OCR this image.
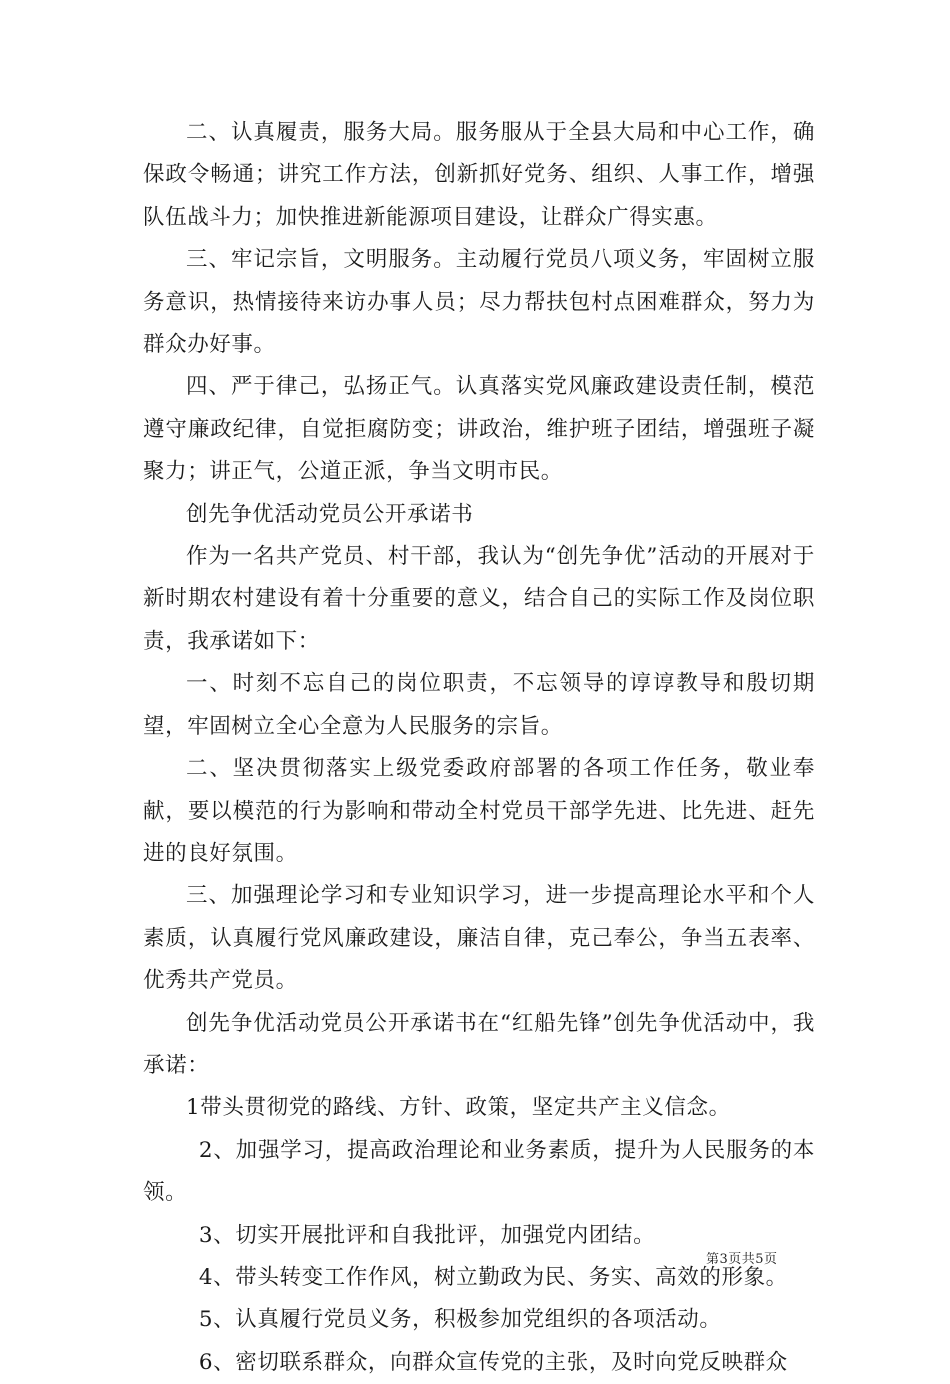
二、认真履责，服务大局。服务服从于全县大局和中心工作，确保政令畅通；讲究工作方法，创新抓好党务、组织、人事工作，增强队伍战斗力；加快推进新能源项目建设，让群众广得实惠。

三、牢记宗旨，文明服务。主动履行党员八项义务，牢固树立服务意识，热情接待来访办事人员；尽力帮扶包村点困难群众，努力为群众办好事。

四、严于律己，弘扬正气。认真落实党风廉政建设责任制，模范遵守廉政纪律，自觉拒腐防变；讲政治，维护班子团结，增强班子凝聚力；讲正气，公道正派，争当文明市民。

创先争优活动党员公开承诺书

作为一名共产党员、村干部，我认为“创先争优”活动的开展对于新时期农村建设有着十分重要的意义，结合自己的实际工作及岗位职责，我承诺如下：

一、时刻不忘自己的岗位职责，不忘领导的谆谆教导和殷切期望，牢固树立全心全意为人民服务的宗旨。

二、坚决贯彻落实上级党委政府部署的各项工作任务，敬业奉献，要以模范的行为影响和带动全村党员干部学先进、比先进、赶先进的良好氛围。

三、加强理论学习和专业知识学习，进一步提高理论水平和个人素质，认真履行党风廉政建设，廉洁自律，克己奉公，争当五表率、优秀共产党员。

创先争优活动党员公开承诺书在“红船先锋”创先争优活动中，我承诺：

1带头贯彻党的路线、方针、政策，坚定共产主义信念。

2、加强学习，提高政治理论和业务素质，提升为人民服务的本领。

3、切实开展批评和自我批评，加强党内团结。

4、带头转变工作作风，树立勤政为民、务实、高效的形象。

5、认真履行党员义务，积极参加党组织的各项活动。

6、密切联系群众，向群众宣传党的主张，及时向党反映群众

第3页共5页
